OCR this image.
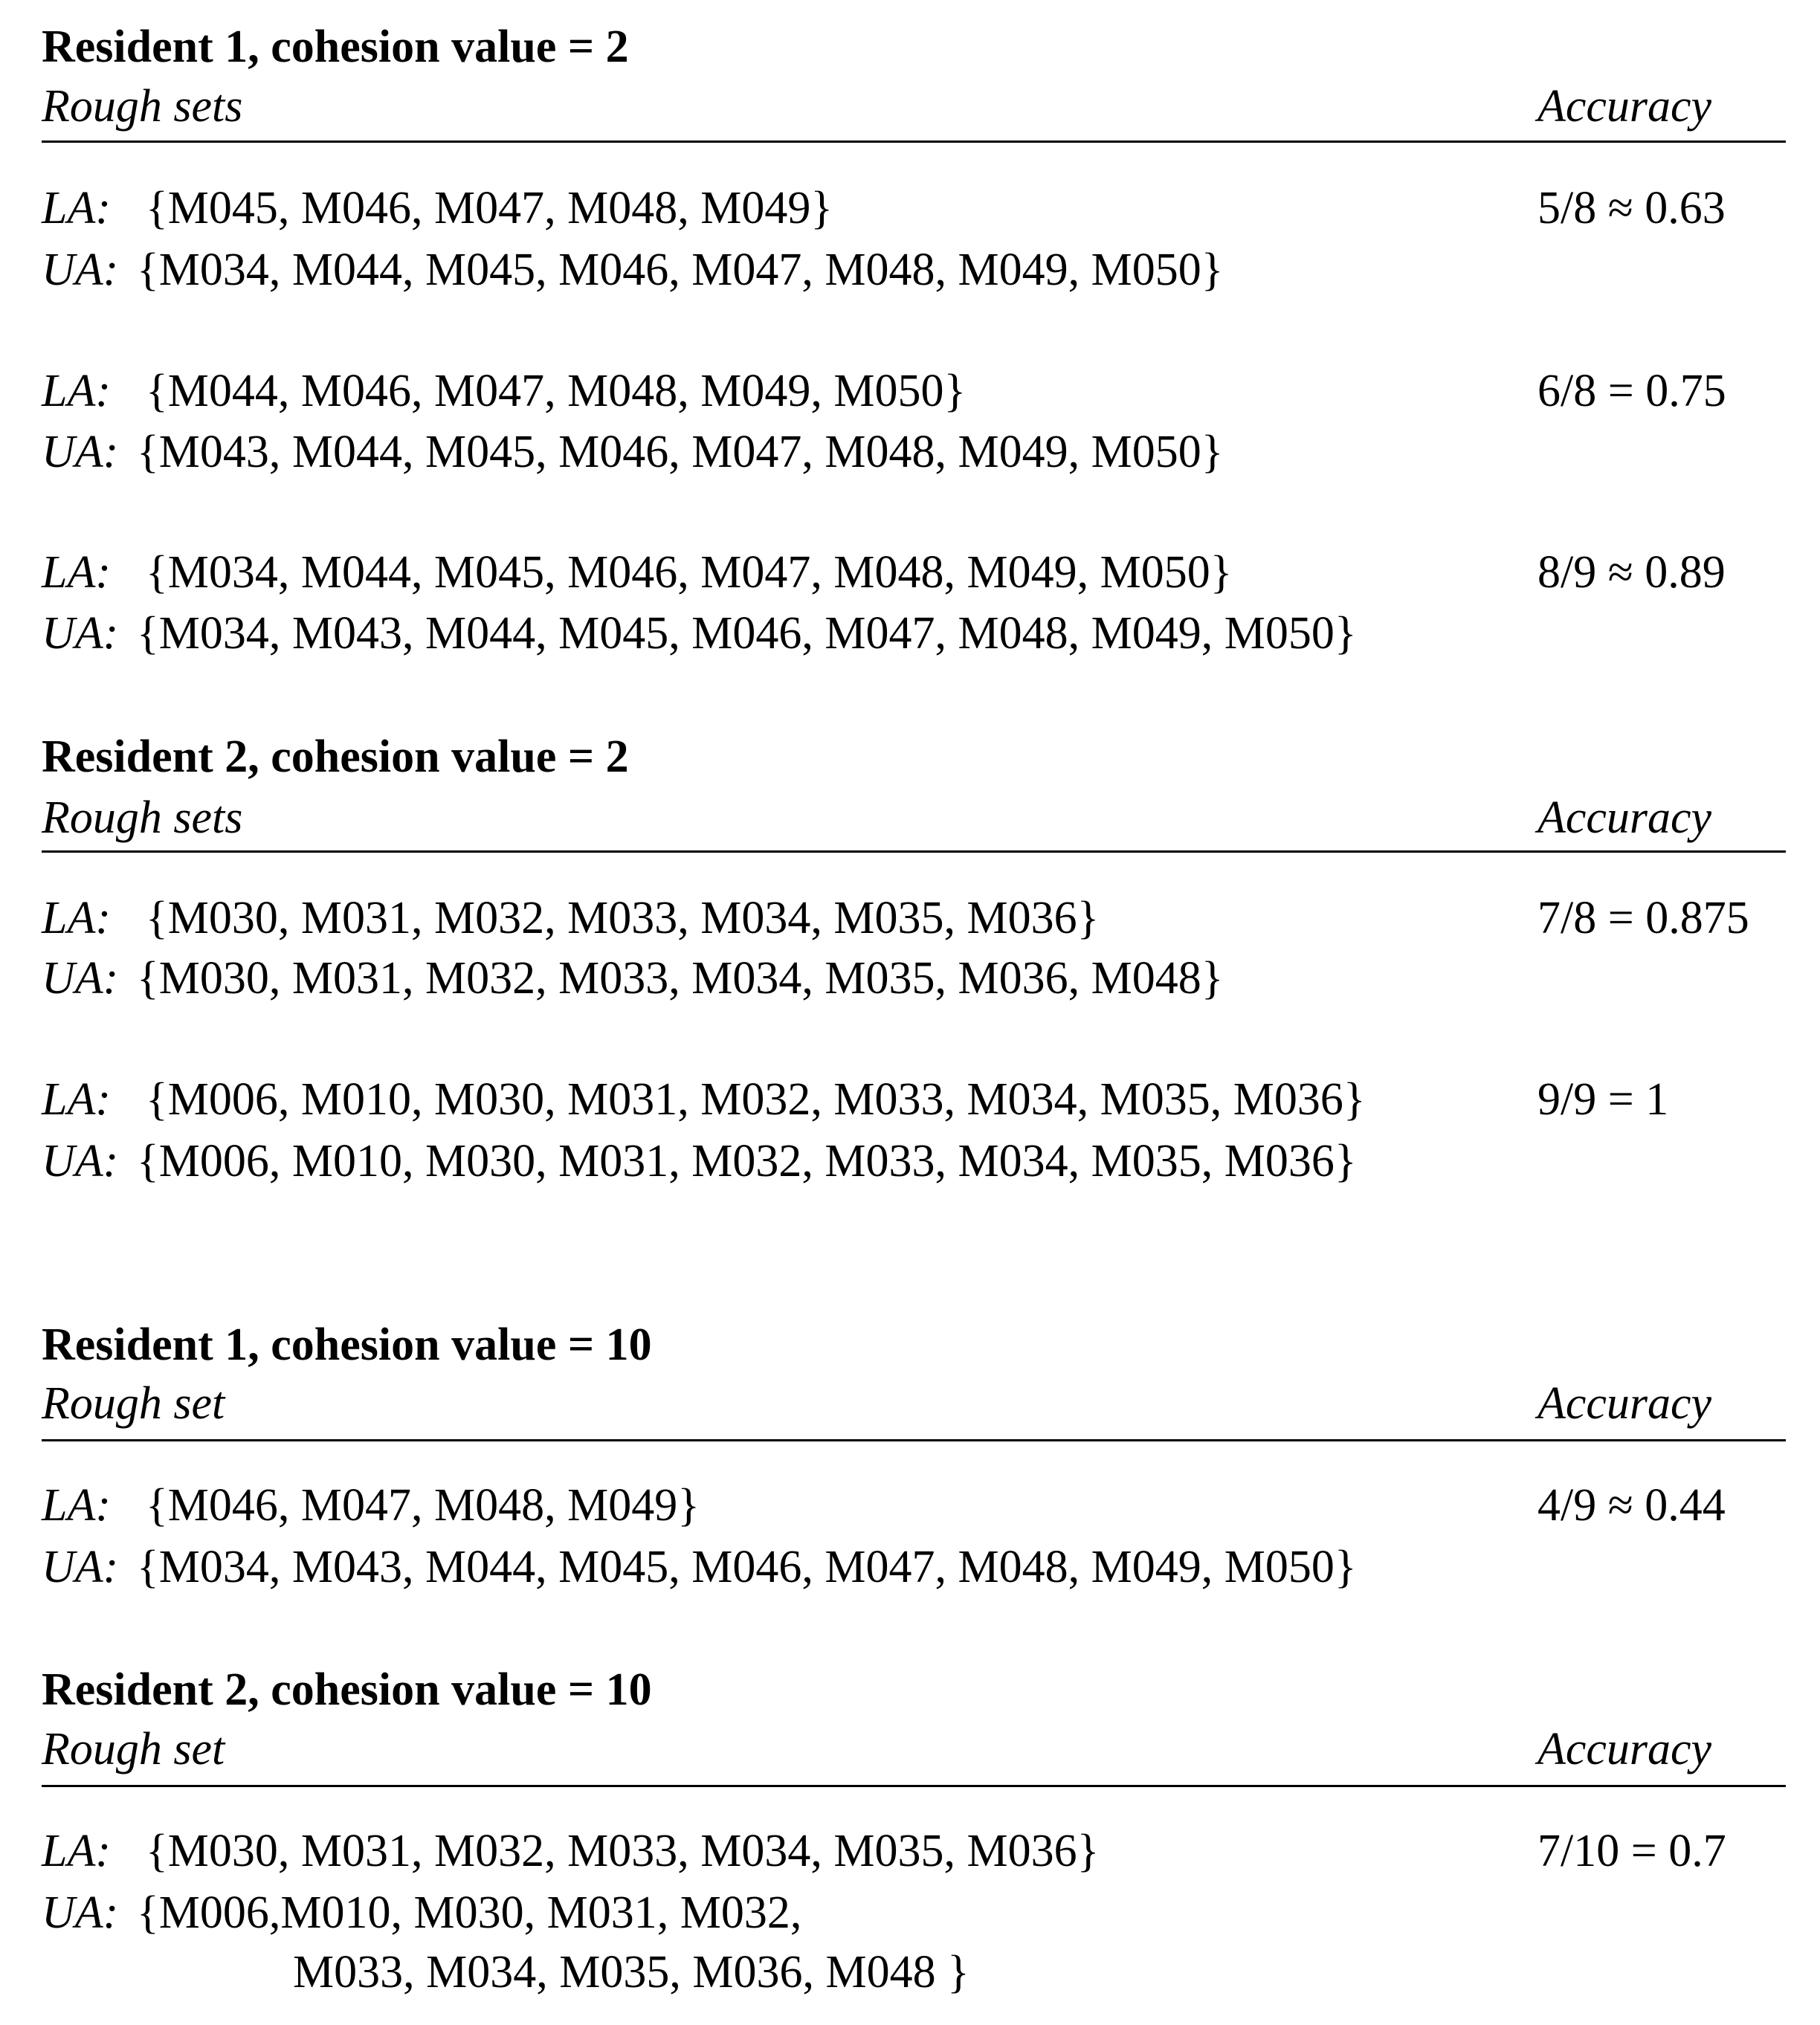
Resident 1, cohesion value = 2
Rough sets	Accuracy
LA: {M045, M046, M047, M048, M049}	5/8 ≈ 0.63
UA: {M034, M044, M045, M046, M047, M048, M049, M050}
LA: {M044, M046, M047, M048, M049, M050}	6/8 = 0.75
UA: {M043, M044, M045, M046, M047, M048, M049, M050}
LA: {M034, M044, M045, M046, M047, M048, M049, M050}	8/9 ≈ 0.89
UA: {M034, M043, M044, M045, M046, M047, M048, M049, M050}
Resident 2, cohesion value = 2
Rough sets	Accuracy
LA: {M030, M031, M032, M033, M034, M035, M036}	7/8 = 0.875
UA: {M030, M031, M032, M033, M034, M035, M036, M048}
LA: {M006, M010, M030, M031, M032, M033, M034, M035, M036}	9/9 = 1
UA: {M006, M010, M030, M031, M032, M033, M034, M035, M036}
Resident 1, cohesion value = 10
Rough set	Accuracy
LA: {M046, M047, M048, M049}	4/9 ≈ 0.44
UA: {M034, M043, M044, M045, M046, M047, M048, M049, M050}
Resident 2, cohesion value = 10
Rough set	Accuracy
LA: {M030, M031, M032, M033, M034, M035, M036}	7/10 = 0.7
UA: {M006,M010, M030, M031, M032,
M033, M034, M035, M036, M048 }
